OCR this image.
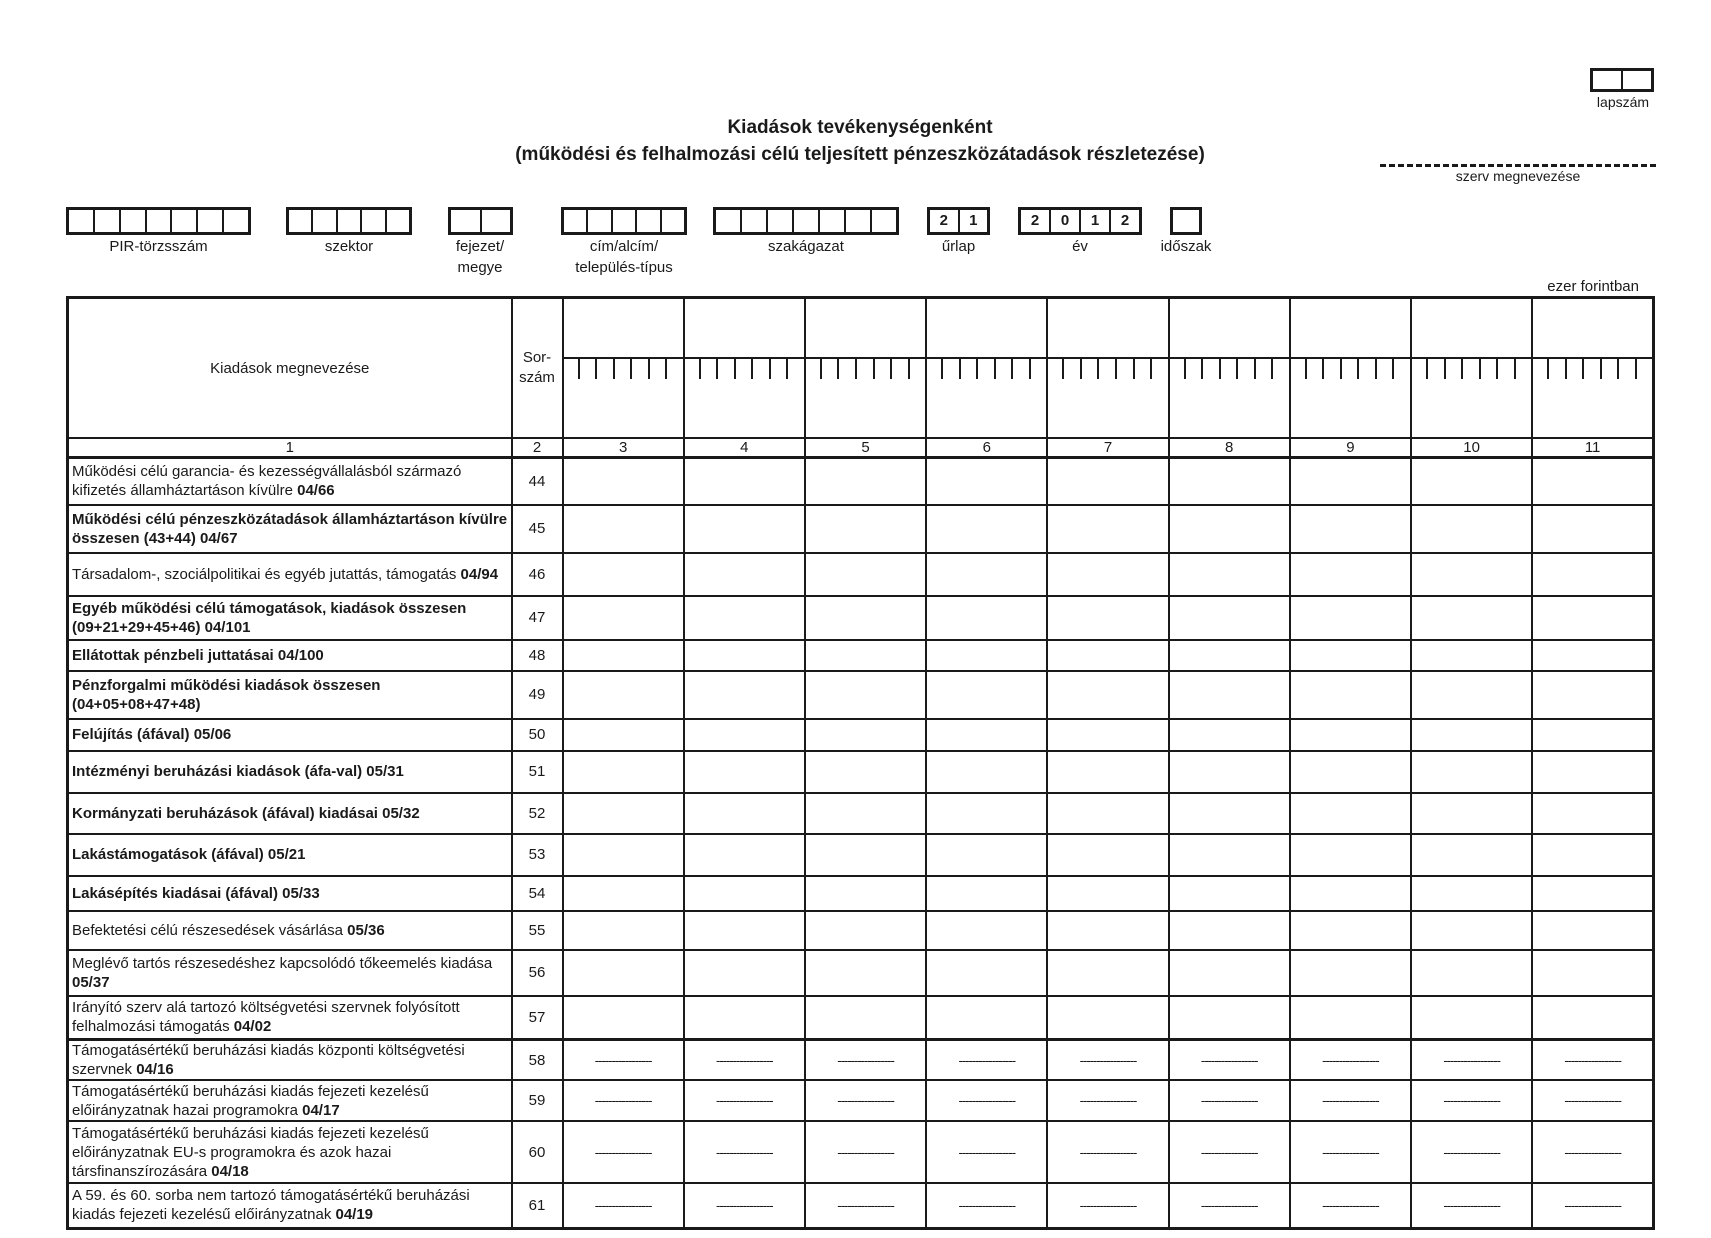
lapszám
Kiadások tevékenységenként
(működési és felhalmozási célú teljesített pénzeszközátadások részletezése)
szerv megnevezése
PIR-törzsszám	szektor	fejezet/
megye
cím/alcím/
település-típus
szakágazat
2	1
űrlap
2	0	1	2
év	időszak
ezer forintban
Kiadások megnevezése	Sor-
szám	

1	2	3	4	5	6	7	8	9	10	11
Működési célú garancia- és kezességvállalásból származó kifizetés államháztartáson kívülre 04/66	44									
Működési célú pénzeszközátadások államháztartáson kívülre összesen (43+44) 04/67	45									
Társadalom-, szociálpolitikai és egyéb jutattás, támogatás 04/94	46									
Egyéb működési célú támogatások, kiadások összesen (09+21+29+45+46) 04/101	47									
Ellátottak pénzbeli juttatásai 04/100	48									
Pénzforgalmi működési kiadások összesen (04+05+08+47+48)	49									
Felújítás (áfával) 05/06	50									
Intézményi beruházási kiadások (áfa-val) 05/31	51									
Kormányzati beruházások (áfával) kiadásai 05/32	52									
Lakástámogatások (áfával) 05/21	53									
Lakásépítés kiadásai (áfával) 05/33	54									
Befektetési célú részesedések vásárlása 05/36	55									
Meglévő tartós részesedéshez kapcsolódó tőkeemelés kiadása 05/37	56									
Irányító szerv alá tartozó költségvetési szervnek folyósított felhalmozási támogatás 04/02	57									
Támogatásértékű beruházási kiadás központi költségvetési szervnek 04/16	58	-----------------	-----------------	-----------------	-----------------	-----------------	-----------------	-----------------	-----------------	-----------------
Támogatásértékű beruházási kiadás fejezeti kezelésű előirányzatnak hazai programokra 04/17	59	-----------------	-----------------	-----------------	-----------------	-----------------	-----------------	-----------------	-----------------	-----------------
Támogatásértékű beruházási kiadás fejezeti kezelésű előirányzatnak EU-s programokra és azok hazai társfinanszírozására 04/18	60	-----------------	-----------------	-----------------	-----------------	-----------------	-----------------	-----------------	-----------------	-----------------
A 59. és 60. sorba nem tartozó támogatásértékű beruházási kiadás fejezeti kezelésű előirányzatnak 04/19	61	-----------------	-----------------	-----------------	-----------------	-----------------	-----------------	-----------------	-----------------	-----------------
